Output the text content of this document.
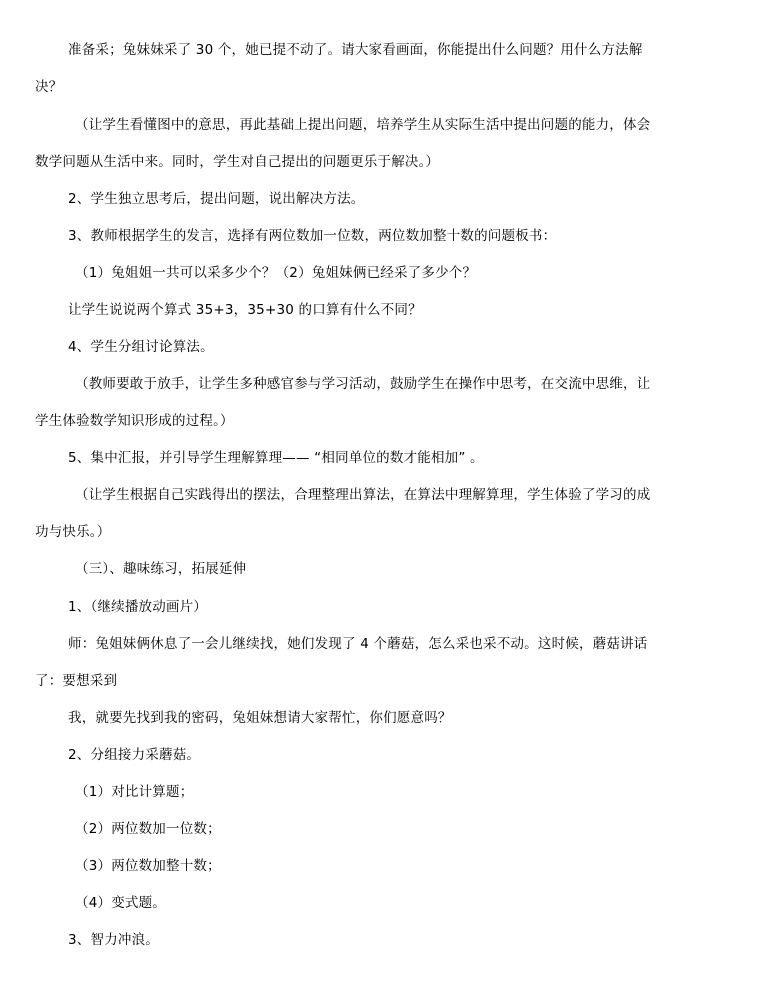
准备采；兔妹妹采了 30 个，她已提不动了。请大家看画面，你能提出什么问题？用什么方法解
决？
（让学生看懂图中的意思，再此基础上提出问题，培养学生从实际生活中提出问题的能力，体会
数学问题从生活中来。同时，学生对自己提出的问题更乐于解决。）
2、学生独立思考后，提出问题，说出解决方法。
3、教师根据学生的发言，选择有两位数加一位数，两位数加整十数的问题板书：
（1）兔姐姐一共可以采多少个？（2）兔姐妹俩已经采了多少个？
让学生说说两个算式 35+3，35+30 的口算有什么不同？
4、学生分组讨论算法。
（教师要敢于放手，让学生多种感官参与学习活动，鼓励学生在操作中思考，在交流中思维，让
学生体验数学知识形成的过程。）
5、集中汇报，并引导学生理解算理—— “相同单位的数才能相加” 。
（让学生根据自己实践得出的摆法，合理整理出算法，在算法中理解算理，学生体验了学习的成
功与快乐。）
（三）、趣味练习，拓展延伸
1、（继续播放动画片）
师：兔姐妹俩休息了一会儿继续找，她们发现了 4 个蘑菇，怎么采也采不动。这时候，蘑菇讲话
了：要想采到
我，就要先找到我的密码，兔姐妹想请大家帮忙，你们愿意吗？
2、分组接力采蘑菇。
（1）对比计算题；
（2）两位数加一位数；
（3）两位数加整十数；
（4）变式题。
3、智力冲浪。
